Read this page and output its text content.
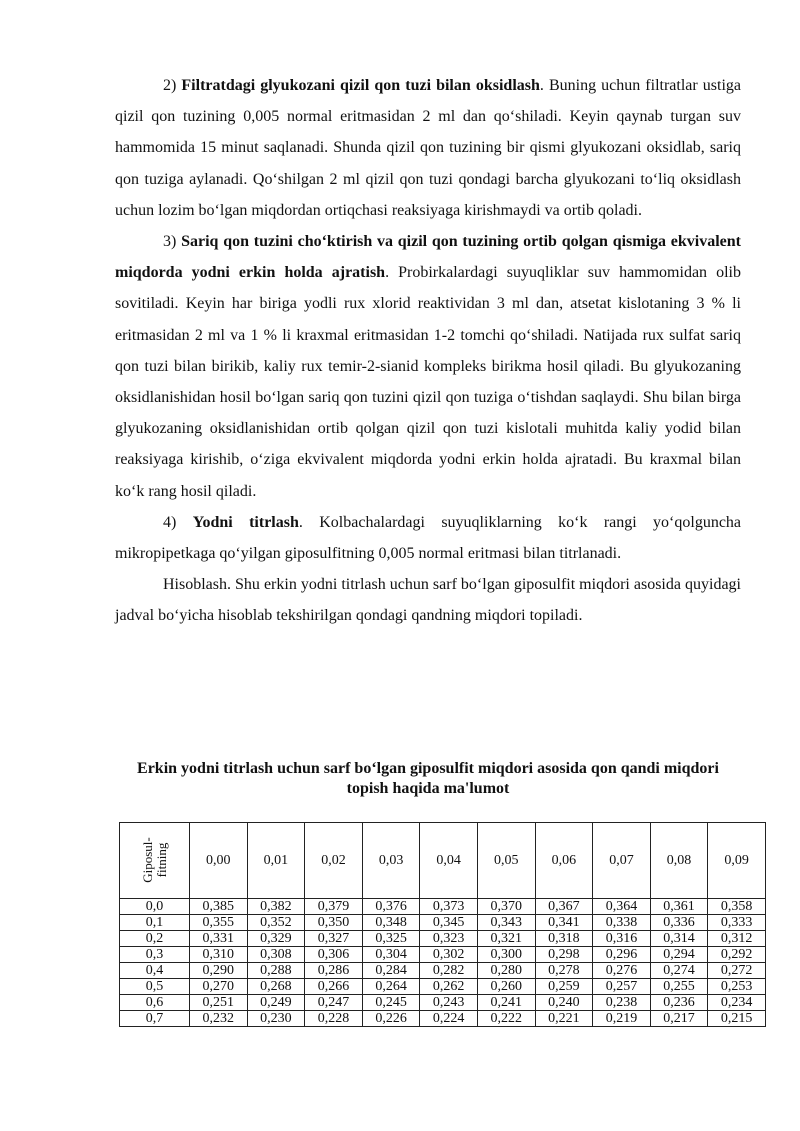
2) Filtratdagi glyukozani qizil qon tuzi bilan oksidlash. Buning uchun filtratlar ustiga qizil qon tuzining 0,005 normal eritmasidan 2 ml dan qo‘shiladi. Keyin qaynab turgan suv hammomida 15 minut saqlanadi. Shunda qizil qon tuzining bir qismi glyukozani oksidlab, sariq qon tuziga aylanadi. Qo‘shilgan 2 ml qizil qon tuzi qondagi barcha glyukozani to‘liq oksidlash uchun lozim bo‘lgan miqdordan ortiqchasi reaksiyaga kirishmaydi va ortib qoladi.

3) Sariq qon tuzini cho‘ktirish va qizil qon tuzining ortib qolgan qismiga ekvivalent miqdorda yodni erkin holda ajratish. Probirkalardagi suyuqliklar suv hammomidan olib sovitiladi. Keyin har biriga yodli rux xlorid reaktividan 3 ml dan, atsetat kislotaning 3 % li eritmasidan 2 ml va 1 % li kraxmal eritmasidan 1-2 tomchi qo‘shiladi. Natijada rux sulfat sariq qon tuzi bilan birikib, kaliy rux temir-2-sianid kompleks birikma hosil qiladi. Bu glyukozaning oksidlanishidan hosil bo‘lgan sariq qon tuzini qizil qon tuziga o‘tishdan saqlaydi. Shu bilan birga glyukozaning oksidlanishidan ortib qolgan qizil qon tuzi kislotali muhitda kaliy yodid bilan reaksiyaga kirishib, o‘ziga ekvivalent miqdorda yodni erkin holda ajratadi. Bu kraxmal bilan ko‘k rang hosil qiladi.

4) Yodni titrlash. Kolbachalardagi suyuqliklarning ko‘k rangi yo‘qolguncha mikropipetkaga qo‘yilgan giposulfitning 0,005 normal eritmasi bilan titrlanadi.

Hisoblash. Shu erkin yodni titrlash uchun sarf bo‘lgan giposulfit miqdori asosida quyidagi jadval bo‘yicha hisoblab tekshirilgan qondagi qandning miqdori topiladi.

Erkin yodni titrlash uchun sarf bo‘lgan giposulfit miqdori asosida qon qandi miqdori topish haqida ma'lumot
Giposul- fitning	0,00	0,01	0,02	0,03	0,04	0,05	0,06	0,07	0,08	0,09
0,0	0,385	0,382	0,379	0,376	0,373	0,370	0,367	0,364	0,361	0,358
0,1	0,355	0,352	0,350	0,348	0,345	0,343	0,341	0,338	0,336	0,333
0,2	0,331	0,329	0,327	0,325	0,323	0,321	0,318	0,316	0,314	0,312
0,3	0,310	0,308	0,306	0,304	0,302	0,300	0,298	0,296	0,294	0,292
0,4	0,290	0,288	0,286	0,284	0,282	0,280	0,278	0,276	0,274	0,272
0,5	0,270	0,268	0,266	0,264	0,262	0,260	0,259	0,257	0,255	0,253
0,6	0,251	0,249	0,247	0,245	0,243	0,241	0,240	0,238	0,236	0,234
0,7	0,232	0,230	0,228	0,226	0,224	0,222	0,221	0,219	0,217	0,215
